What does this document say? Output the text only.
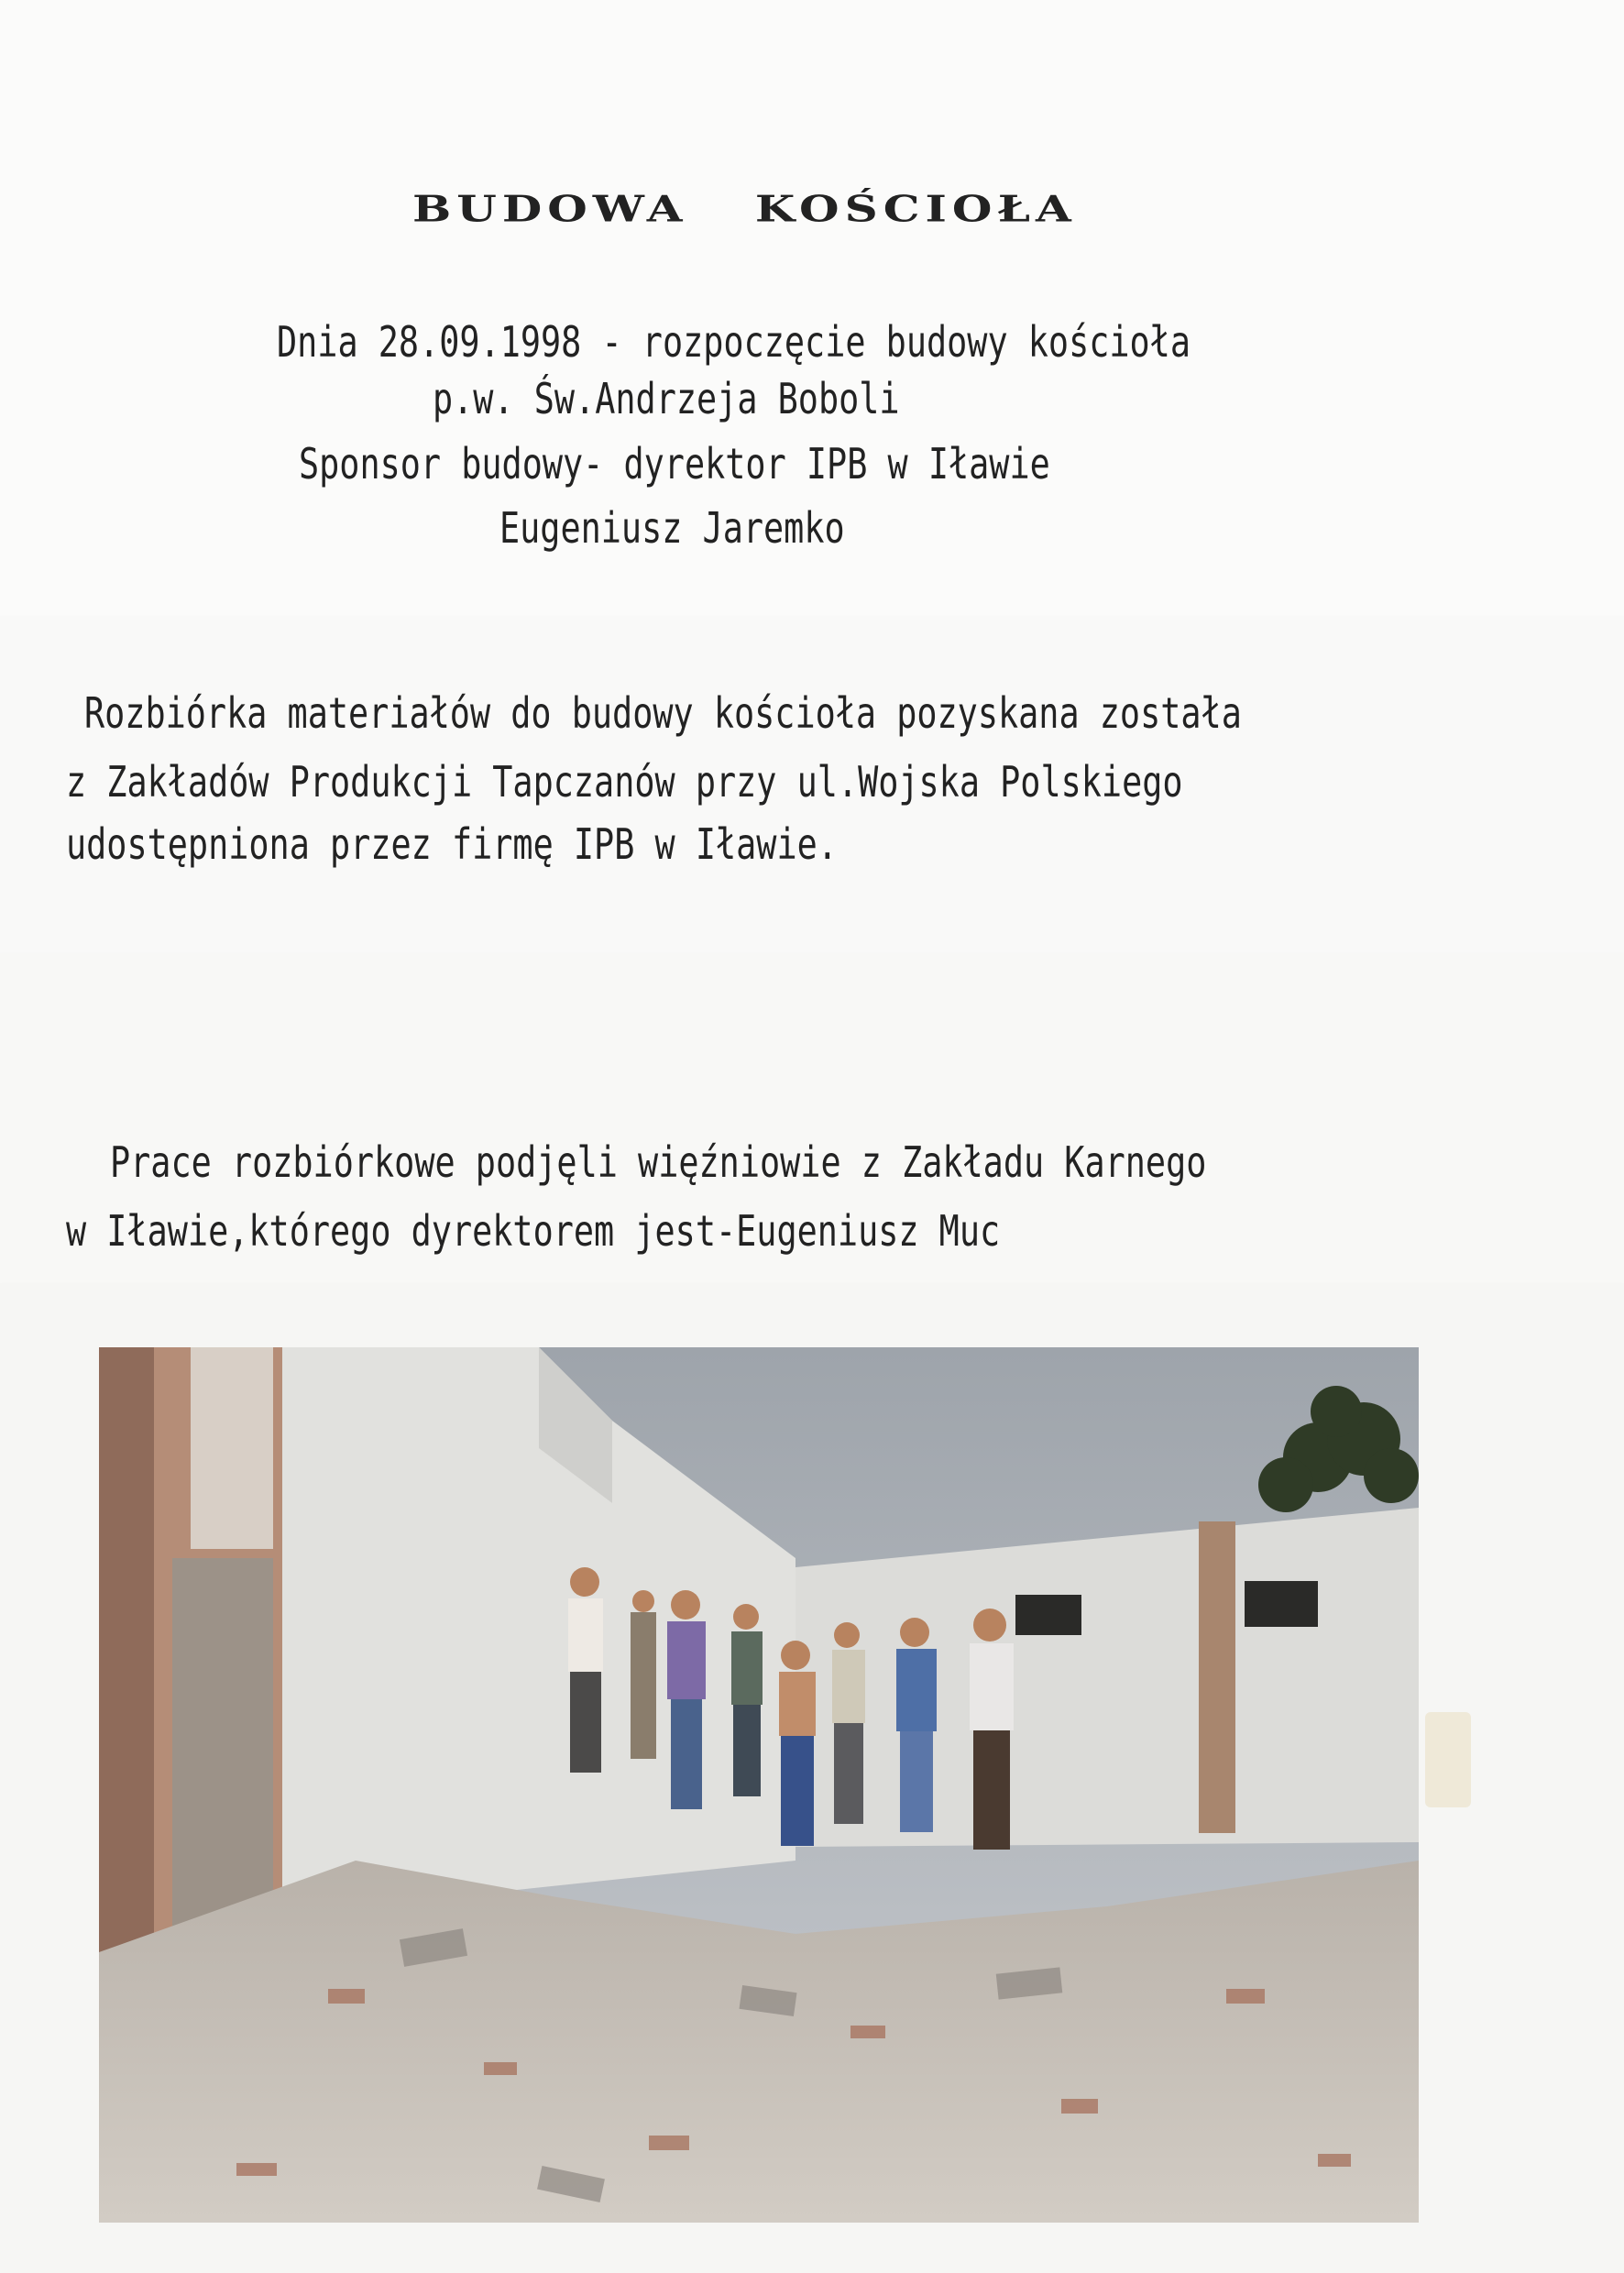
BUDOWA KOŚCIOŁA
Dnia 28.09.1998 - rozpoczęcie budowy kościoła
p.w. Św.Andrzeja Boboli
Sponsor budowy- dyrektor IPB w Iławie
Eugeniusz Jaremko
Rozbiórka materiałów do budowy kościoła pozyskana została
z Zakładów Produkcji Tapczanów przy ul.Wojska Polskiego
udostępniona przez firmę IPB w Iławie.
Prace rozbiórkowe podjęli więźniowie z Zakładu Karnego
w Iławie,którego dyrektorem jest-Eugeniusz Muc
